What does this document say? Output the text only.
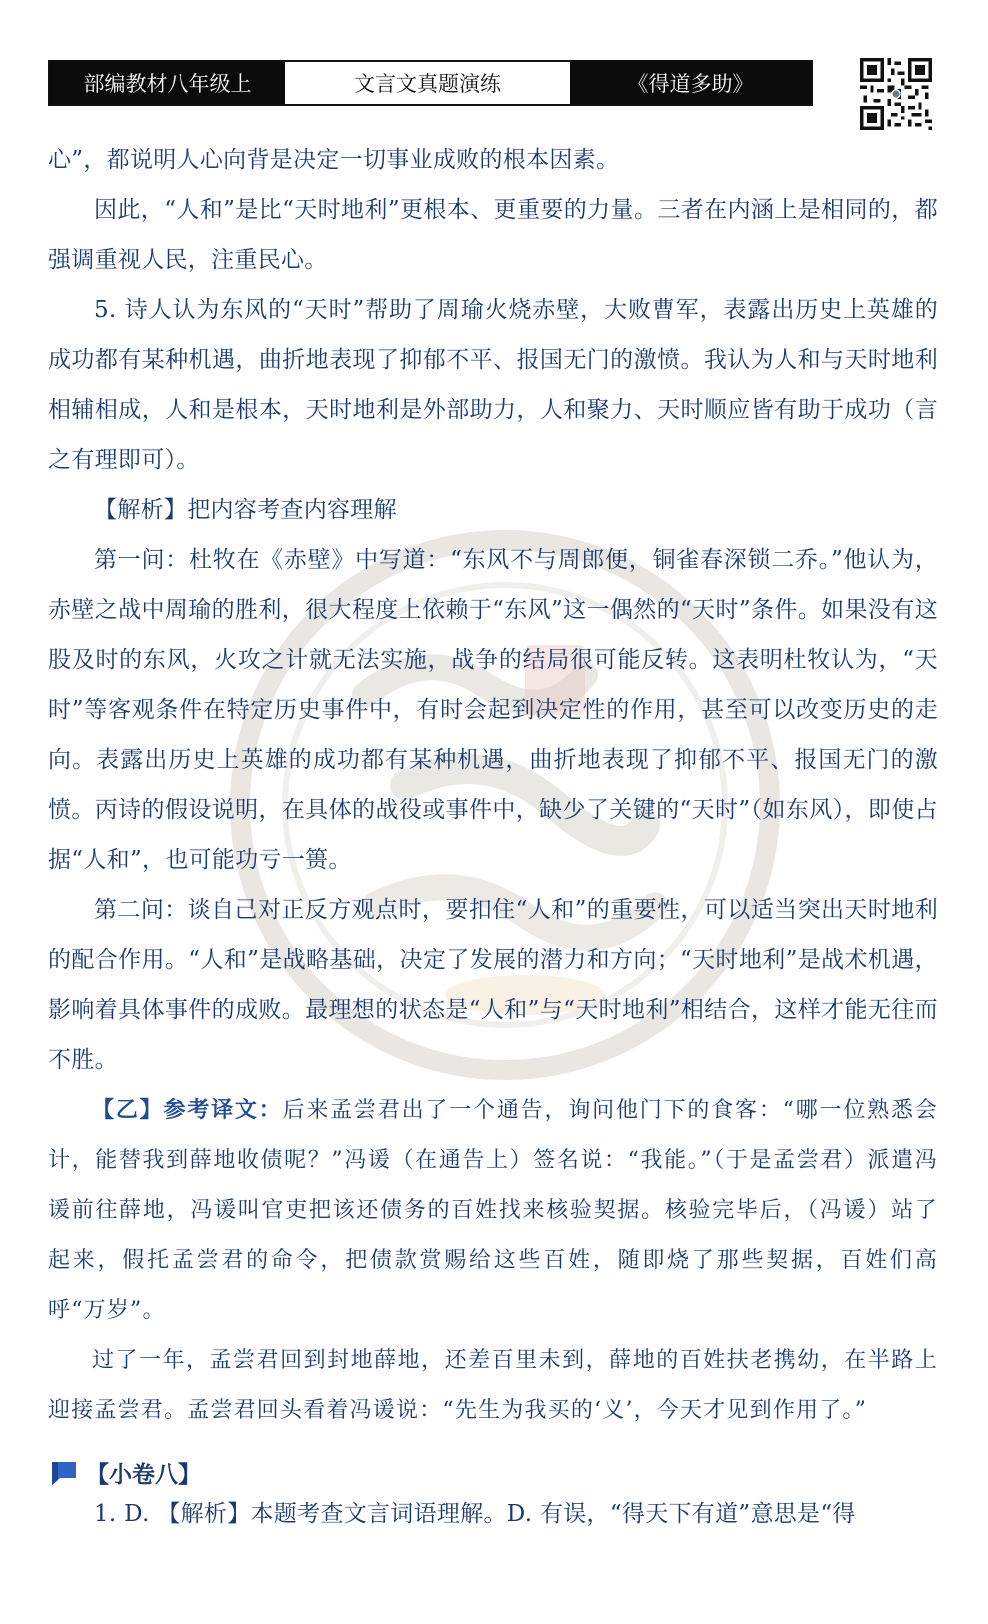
部编教材八年级上	文言文真题演练	《得道多助》

心”，都说明人心向背是决定一切事业成败的根本因素。

因此，“人和”是比“天时地利”更根本、更重要的力量。三者在内涵上是相同的，都强调重视人民，注重民心。

5. 诗人认为东风的“天时”帮助了周瑜火烧赤壁，大败曹军，表露出历史上英雄的成功都有某种机遇，曲折地表现了抑郁不平、报国无门的激愤。我认为人和与天时地利相辅相成，人和是根本，天时地利是外部助力，人和聚力、天时顺应皆有助于成功（言之有理即可）。

【解析】把内容考查内容理解

第一问：杜牧在《赤壁》中写道：“东风不与周郎便，铜雀春深锁二乔。”他认为，赤壁之战中周瑜的胜利，很大程度上依赖于“东风”这一偶然的“天时”条件。如果没有这股及时的东风，火攻之计就无法实施，战争的结局很可能反转。这表明杜牧认为，“天时”等客观条件在特定历史事件中，有时会起到决定性的作用，甚至可以改变历史的走向。表露出历史上英雄的成功都有某种机遇，曲折地表现了抑郁不平、报国无门的激愤。丙诗的假设说明，在具体的战役或事件中，缺少了关键的“天时”（如东风），即使占据“人和”，也可能功亏一篑。

第二问：谈自己对正反方观点时，要扣住“人和”的重要性，可以适当突出天时地利的配合作用。“人和”是战略基础，决定了发展的潜力和方向；“天时地利”是战术机遇，影响着具体事件的成败。最理想的状态是“人和”与“天时地利”相结合，这样才能无往而不胜。

【乙】参考译文：后来孟尝君出了一个通告，询问他门下的食客：“哪一位熟悉会计，能替我到薛地收债呢？”冯谖（在通告上）签名说：“我能。”（于是孟尝君）派遣冯谖前往薛地，冯谖叫官吏把该还债务的百姓找来核验契据。核验完毕后，（冯谖）站了起来，假托孟尝君的命令，把债款赏赐给这些百姓，随即烧了那些契据，百姓们高呼“万岁”。

过了一年，孟尝君回到封地薛地，还差百里未到，薛地的百姓扶老携幼，在半路上迎接孟尝君。孟尝君回头看着冯谖说：“先生为我买的‘义’，今天才见到作用了。”

【小卷八】

1. D. 【解析】本题考查文言词语理解。D. 有误，“得天下有道”意思是“得
